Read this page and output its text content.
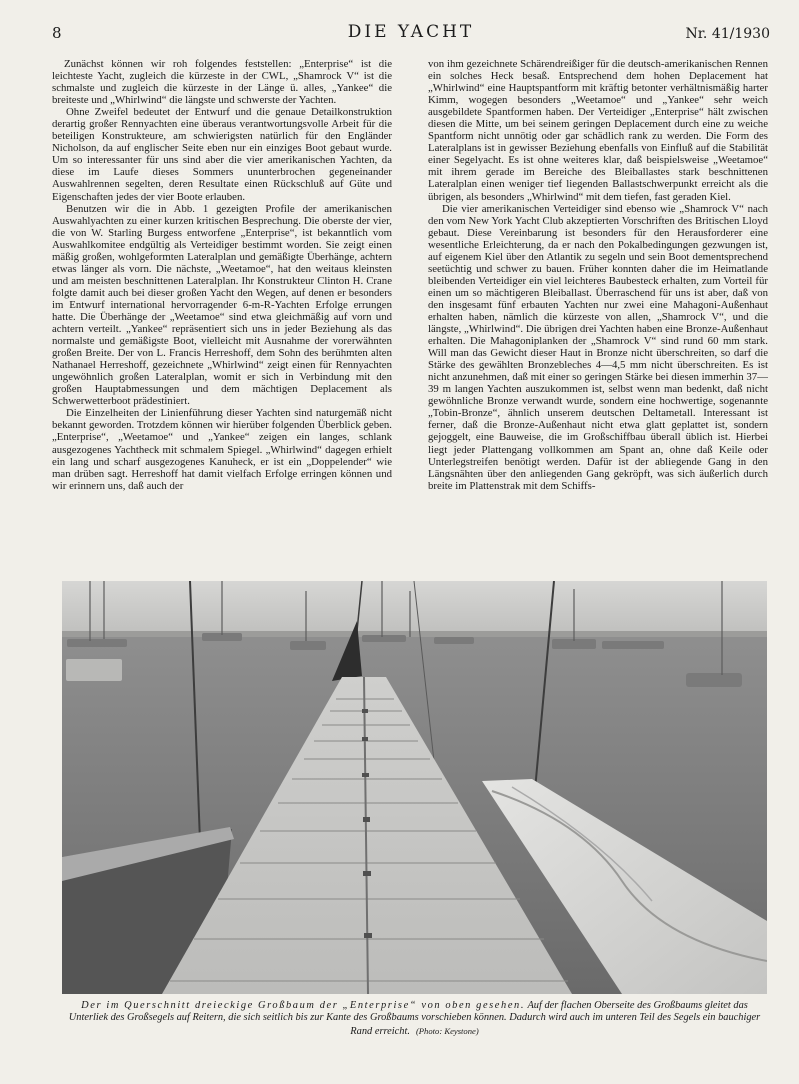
8	DIE YACHT	Nr. 41/1930

Zunächst können wir roh folgendes feststellen: „Enterprise“ ist die leichteste Yacht, zugleich die kürzeste in der CWL, „Shamrock V“ ist die schmalste und zugleich die kürzeste in der Länge ü. alles, „Yankee“ die breiteste und „Whirlwind“ die längste und schwerste der Yachten.

Ohne Zweifel bedeutet der Entwurf und die genaue Detailkonstruktion derartig großer Rennyachten eine überaus verantwortungsvolle Arbeit für die beteiligen Konstrukteure, am schwierigsten natürlich für den Engländer Nicholson, da auf englischer Seite eben nur ein einziges Boot gebaut wurde. Um so interessanter für uns sind aber die vier amerikanischen Yachten, da diese im Laufe dieses Sommers ununterbrochen gegeneinander Auswahlrennen segelten, deren Resultate einen Rückschluß auf Güte und Eigenschaften jedes der vier Boote erlauben.

Benutzen wir die in Abb. 1 gezeigten Profile der amerikanischen Auswahlyachten zu einer kurzen kritischen Besprechung. Die oberste der vier, die von W. Starling Burgess entworfene „Enterprise“, ist bekanntlich vom Auswahlkomitee endgültig als Verteidiger bestimmt worden. Sie zeigt einen mäßig großen, wohlgeformten Lateralplan und gemäßigte Überhänge, achtern etwas länger als vorn. Die nächste, „Weetamoe“, hat den weitaus kleinsten und am meisten beschnittenen Lateralplan. Ihr Konstrukteur Clinton H. Crane folgte damit auch bei dieser großen Yacht den Wegen, auf denen er besonders im Entwurf international hervorragender 6-m-R-Yachten Erfolge errungen hatte. Die Überhänge der „Weetamoe“ sind etwa gleichmäßig auf vorn und achtern verteilt. „Yankee“ repräsentiert sich uns in jeder Beziehung als das normalste und gemäßigste Boot, vielleicht mit Ausnahme der vorerwähnten großen Breite. Der von L. Francis Herreshoff, dem Sohn des berühmten alten Nathanael Herreshoff, gezeichnete „Whirlwind“ zeigt einen für Rennyachten ungewöhnlich großen Lateralplan, womit er sich in Verbindung mit den großen Hauptabmessungen und dem mächtigen Deplacement als Schwerwetterboot prädestiniert.

Die Einzelheiten der Linienführung dieser Yachten sind naturgemäß nicht bekannt geworden. Trotzdem können wir hierüber folgenden Überblick geben. „Enterprise“, „Weetamoe“ und „Yankee“ zeigen ein langes, schlank ausgezogenes Yachtheck mit schmalem Spiegel. „Whirlwind“ dagegen erhielt ein lang und scharf ausgezogenes Kanuheck, er ist ein „Doppelender“ wie man drüben sagt. Herreshoff hat damit vielfach Erfolge erringen können und wir erinnern uns, daß auch der

von ihm gezeichnete Schärendreißiger für die deutsch-amerikanischen Rennen ein solches Heck besaß. Entsprechend dem hohen Deplacement hat „Whirlwind“ eine Hauptspantform mit kräftig betonter verhältnismäßig harter Kimm, wogegen besonders „Weetamoe“ und „Yankee“ sehr weich ausgebildete Spantformen haben. Der Verteidiger „Enterprise“ hält zwischen diesen die Mitte, um bei seinem geringen Deplacement durch eine zu weiche Spantform nicht unnötig oder gar schädlich rank zu werden. Die Form des Lateralplans ist in gewisser Beziehung ebenfalls von Einfluß auf die Stabilität einer Segelyacht. Es ist ohne weiteres klar, daß beispielsweise „Weetamoe“ mit ihrem gerade im Bereiche des Bleiballastes stark beschnittenen Lateralplan einen weniger tief liegenden Ballastschwerpunkt erreicht als die übrigen, als besonders „Whirlwind“ mit dem tiefen, fast geraden Kiel.

Die vier amerikanischen Verteidiger sind ebenso wie „Shamrock V“ nach den vom New York Yacht Club akzeptierten Vorschriften des Britischen Lloyd gebaut. Diese Vereinbarung ist besonders für den Herausforderer eine wesentliche Erleichterung, da er nach den Pokalbedingungen gezwungen ist, auf eigenem Kiel über den Atlantik zu segeln und sein Boot dementsprechend seetüchtig und schwer zu bauen. Früher konnten daher die im Heimatlande bleibenden Verteidiger ein viel leichteres Baubesteck erhalten, zum Vorteil für einen um so mächtigeren Bleiballast. Überraschend für uns ist aber, daß von den insgesamt fünf erbauten Yachten nur zwei eine Mahagoni-Außenhaut erhalten haben, nämlich die kürzeste von allen, „Shamrock V“, und die längste, „Whirlwind“. Die übrigen drei Yachten haben eine Bronze-Außenhaut erhalten. Die Mahagoniplanken der „Shamrock V“ sind rund 60 mm stark. Will man das Gewicht dieser Haut in Bronze nicht überschreiten, so darf die Stärke des gewählten Bronzebleches 4—4,5 mm nicht überschreiten. Es ist nicht anzunehmen, daß mit einer so geringen Stärke bei diesen immerhin 37—39 m langen Yachten auszukommen ist, selbst wenn man bedenkt, daß nicht gewöhnliche Bronze verwandt wurde, sondern eine hochwertige, sogenannte „Tobin-Bronze“, ähnlich unserem deutschen Deltametall. Interessant ist ferner, daß die Bronze-Außenhaut nicht etwa glatt geplattet ist, sondern gejoggelt, eine Bauweise, die im Großschiffbau überall üblich ist. Hierbei liegt jeder Plattengang vollkommen am Spant an, ohne daß Keile oder Unterlegstreifen benötigt werden. Dafür ist der abliegende Gang in den Längsnähten über den anliegenden Gang gekröpft, was sich äußerlich durch breite im Plattenstrak mit dem Schiffs-

Der im Querschnitt dreieckige Großbaum der „Enterprise“ von oben gesehen. Auf der flachen Oberseite des Großbaums gleitet das Unterliek des Großsegels auf Reitern, die sich seitlich bis zur Kante des Großbaums vorschieben können. Dadurch wird auch im unteren Teil des Segels ein bauchiger Rand erreicht. (Photo: Keystone)
